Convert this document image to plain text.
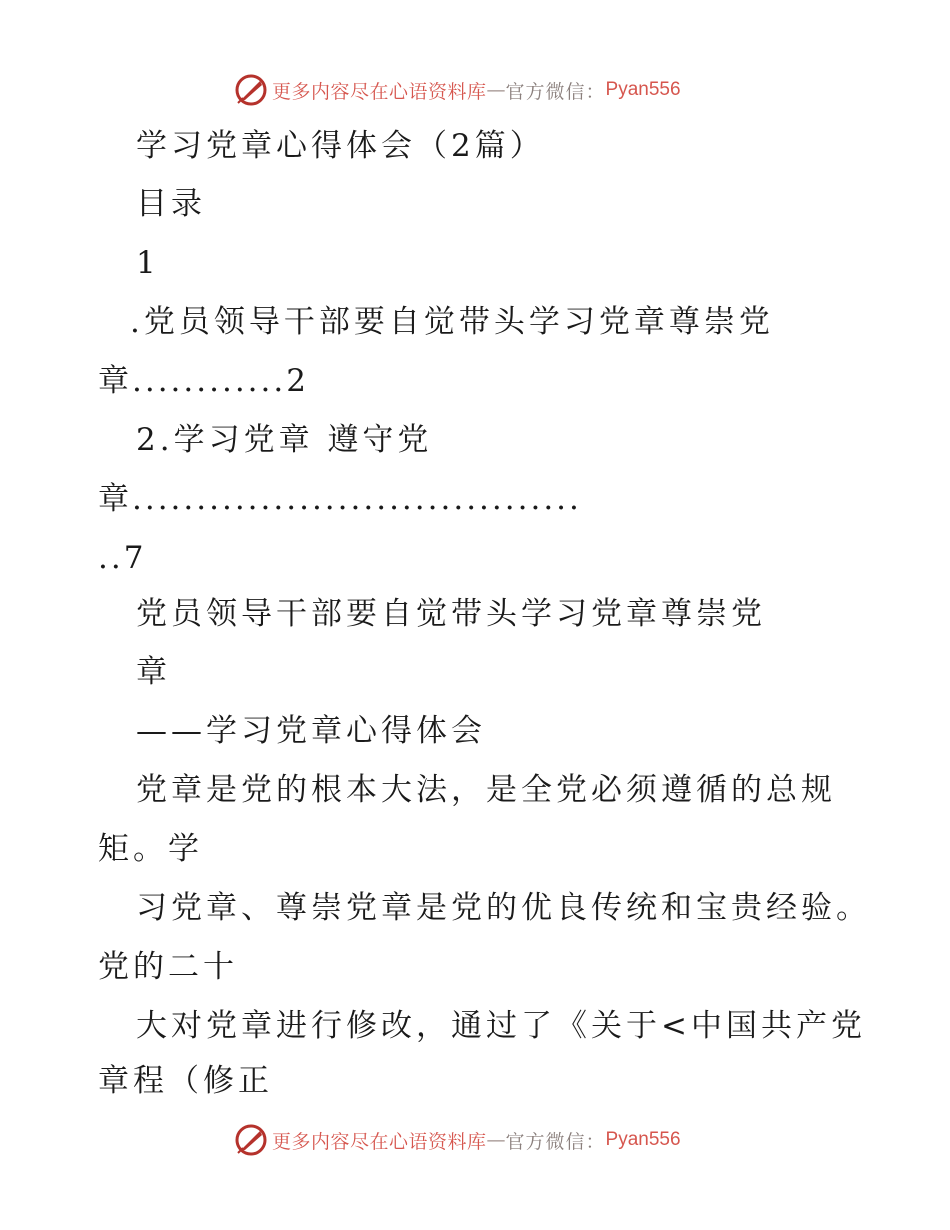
更多内容尽在心语资料库 — 官方微信： Pyan556
学习党章心得体会（2篇）
目录
1
.党员领导干部要自觉带头学习党章尊崇党
章............2
2.学习党章 遵守党
章...................................
..7
党员领导干部要自觉带头学习党章尊崇党
章
——学习党章心得体会
党章是党的根本大法，是全党必须遵循的总规
矩。学
习党章、尊崇党章是党的优良传统和宝贵经验。
党的二十
大对党章进行修改，通过了《关于<中国共产党
章程（修正
更多内容尽在心语资料库 — 官方微信： Pyan556
